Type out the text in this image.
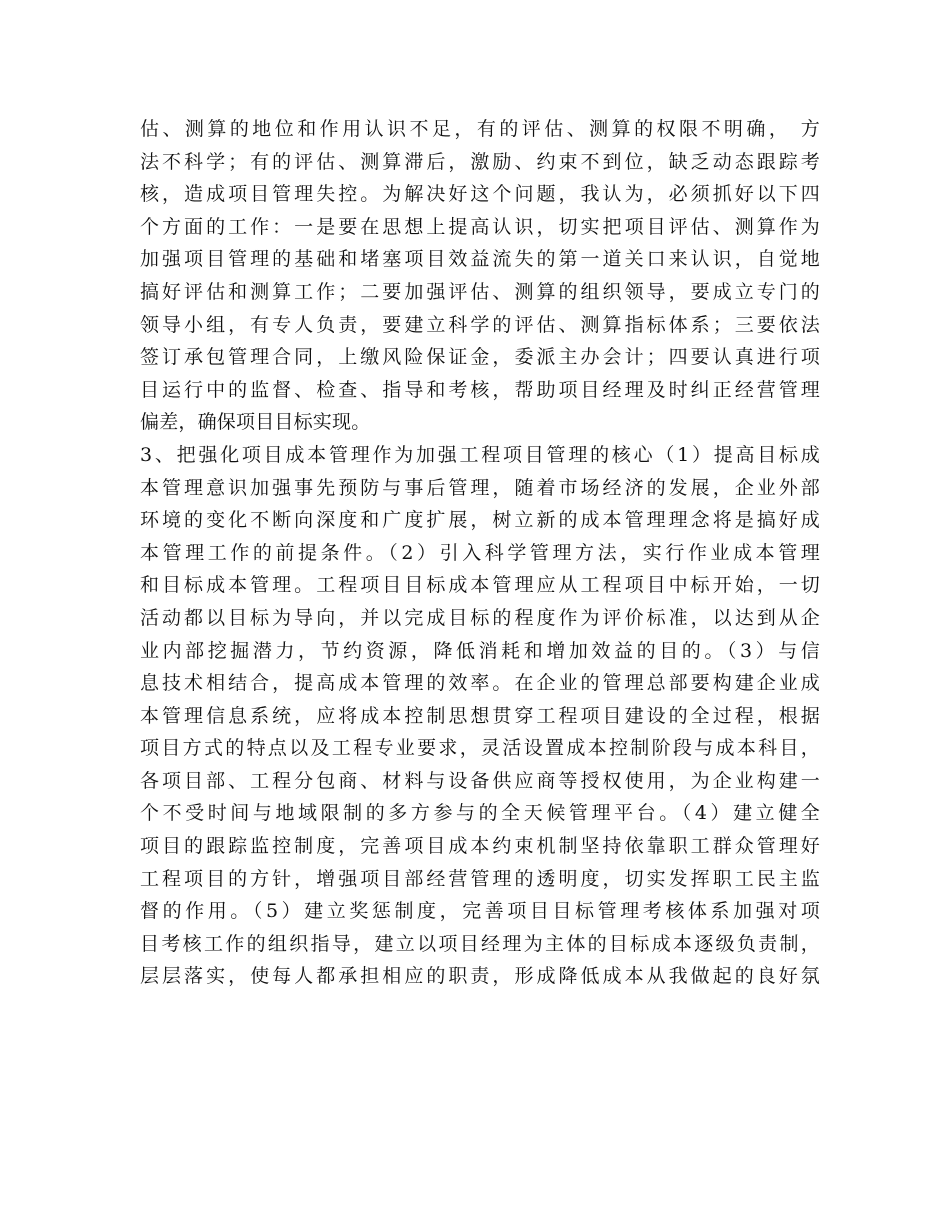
估、测算的地位和作用认识不足，有的评估、测算的权限不明确， 方
法不科学；有的评估、测算滞后，激励、约束不到位，缺乏动态跟踪考
核，造成项目管理失控。为解决好这个问题，我认为，必须抓好以下四
个方面的工作：一是要在思想上提高认识，切实把项目评估、测算作为
加强项目管理的基础和堵塞项目效益流失的第一道关口来认识，自觉地
搞好评估和测算工作；二要加强评估、测算的组织领导，要成立专门的
领导小组，有专人负责，要建立科学的评估、测算指标体系；三要依法
签订承包管理合同，上缴风险保证金，委派主办会计；四要认真进行项
目运行中的监督、检查、指导和考核，帮助项目经理及时纠正经营管理
偏差，确保项目目标实现。
3、把强化项目成本管理作为加强工程项目管理的核心（1）提高目标成
本管理意识加强事先预防与事后管理，随着市场经济的发展，企业外部
环境的变化不断向深度和广度扩展，树立新的成本管理理念将是搞好成
本管理工作的前提条件。（2）引入科学管理方法，实行作业成本管理
和目标成本管理。工程项目目标成本管理应从工程项目中标开始，一切
活动都以目标为导向，并以完成目标的程度作为评价标准，以达到从企
业内部挖掘潜力，节约资源，降低消耗和增加效益的目的。（3）与信
息技术相结合，提高成本管理的效率。在企业的管理总部要构建企业成
本管理信息系统，应将成本控制思想贯穿工程项目建设的全过程，根据
项目方式的特点以及工程专业要求，灵活设置成本控制阶段与成本科目，
各项目部、工程分包商、材料与设备供应商等授权使用，为企业构建一
个不受时间与地域限制的多方参与的全天候管理平台。（4）建立健全
项目的跟踪监控制度，完善项目成本约束机制坚持依靠职工群众管理好
工程项目的方针，增强项目部经营管理的透明度，切实发挥职工民主监
督的作用。（5）建立奖惩制度，完善项目目标管理考核体系加强对项
目考核工作的组织指导，建立以项目经理为主体的目标成本逐级负责制，
层层落实，使每人都承担相应的职责，形成降低成本从我做起的良好氛
